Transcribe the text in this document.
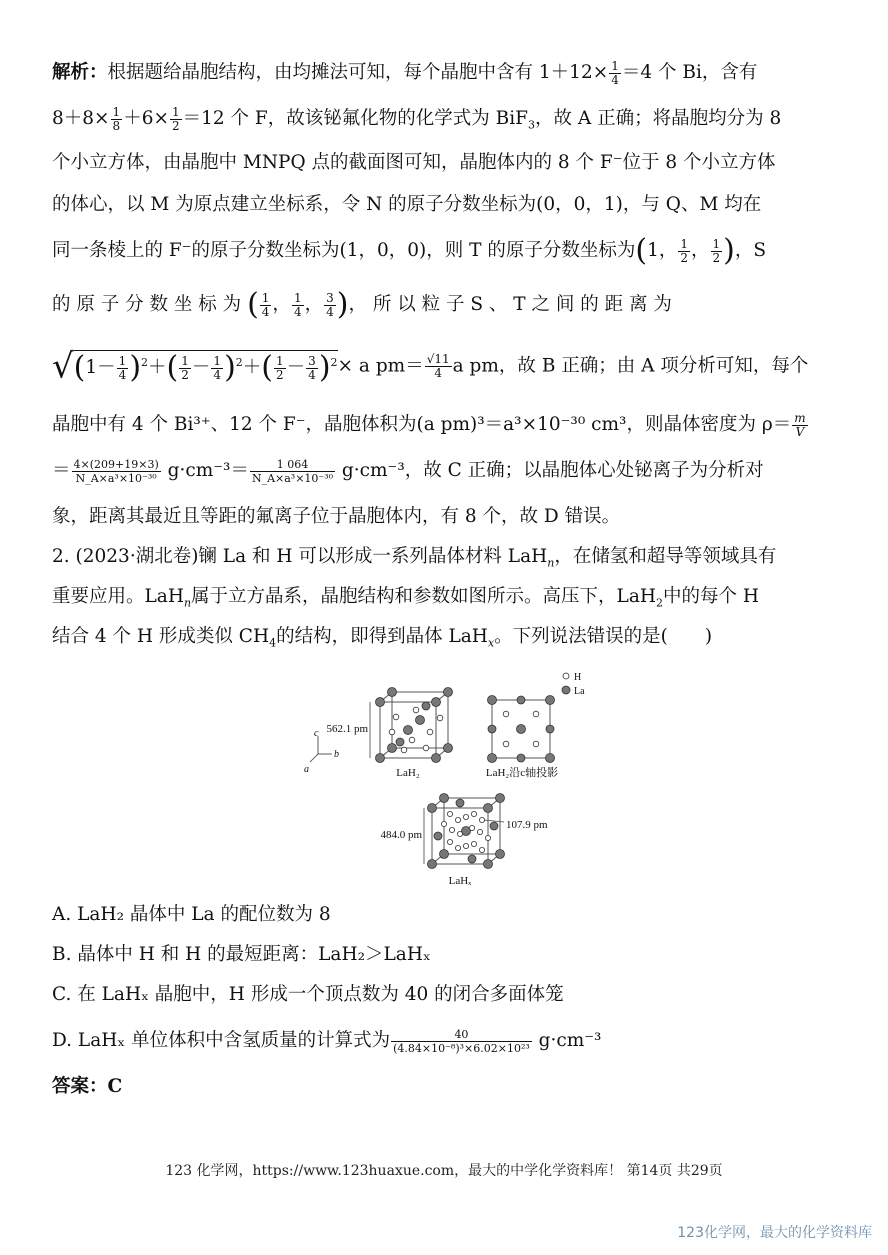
解析：根据题给晶胞结构，由均摊法可知，每个晶胞中含有 $1+12\times \frac{1}{4} =4$ 个 Bi，含有
$8+8\times \frac{1}{8} +6\times \frac{1}{2} =12$ 个 F，故该铋氟化物的化学式为 BiF$_3$，故 A 正确；将晶胞均分为 8
个小立方体，由晶胞中 MNPQ 点的截面图可知，晶胞体内的 8 个 F⁻位于 8 个小立方体
的体心，以 M 为原点建立坐标系，令 N 的原子分数坐标为(0，0，1)，与 Q、M 均在
同一条棱上的 F⁻的原子分数坐标为(1，0，0)，则 T 的原子分数坐标为(1， $\frac{1}{2}$ ， $\frac{1}{2}$ )，S
的 原 子 分 数 坐 标 为 ( $\frac{1}{4}$ ， $\frac{1}{4}$ ， $\frac{3}{4}$ )， 所 以 粒 子 S 、 T 之 间 的 距 离 为
$√(1- \frac{1}{4} )^2+( \frac{1}{2} - \frac{1}{4} )^2+( \frac{1}{2} - \frac{3}{4} )^2\times a$ $pm= \frac{√11}{4}$ a pm，故 B 正确；由 A 项分析可知，每个
晶胞中有 4 个 Bi³⁺、12 个 F⁻，晶胞体积为(a pm)³＝a³×10⁻³⁰ cm³，则晶体密度为 $\rho= \frac{m}{V}$
＝ $\frac{4\times(209+19\times 3)}{\text{N\_A×a³×10⁻³⁰}} g\cdot cm^{-3}= \frac{1 064}{\text{N\_A×a³×10⁻³⁰}} g\cdot cm^{-3}$，故 C 正确；以晶胞体心处铋离子为分析对
象，距离其最近且等距的氟离子位于晶胞体内，有 8 个，故 D 错误。
2. (2023·湖北卷)镧 La 和 H 可以形成一系列晶体材料 LaH$_n$，在储氢和超导等领域具有
重要应用。LaH$_n$属于立方晶系，晶胞结构和参数如图所示。高压下，LaH$_2$中的每个 H
结合 4 个 H 形成类似 $CH_4$的结构，即得到晶体 LaH$_x$。下列说法错误的是(　　)
562.1 pm
LaH₂
c
b
a	LaH₂沿c轴投影
H
La
484.0 pm
107.9 pm
LaHₓ
A. LaH₂ 晶体中 La 的配位数为 8
B. 晶体中 H 和 H 的最短距离：LaH₂＞LaHₓ
C. 在 LaHₓ 晶胞中，H 形成一个顶点数为 40 的闭合多面体笼
D. LaHₓ 单位体积中含氢质量的计算式为 $\frac{40}{\text{(4.84×10⁻⁸)³×6.02×10²³}} g\cdot cm^{-3}$
答案：C
123 化学网，https://www.123huaxue.com，最大的中学化学资料库！ 第14页 共29页
123化学网，最大的化学资料库
